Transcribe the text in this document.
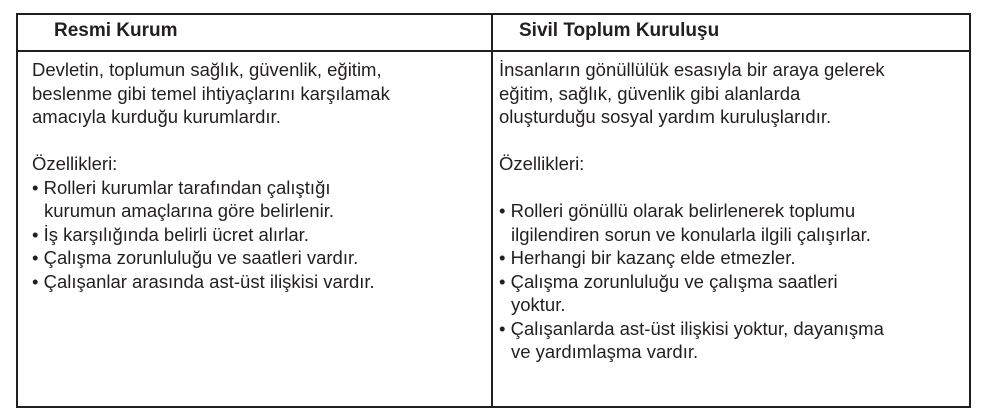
Resmi Kurum	Sivil Toplum Kuruluşu
Devletin, toplumun sağlık, güvenlik, eğitim,
beslenme gibi temel ihtiyaçlarını karşılamak
amacıyla kurduğu kurumlardır.
Özellikleri:
• Rolleri kurumlar tarafından çalıştığı
kurumun amaçlarına göre belirlenir.
• İş karşılığında belirli ücret alırlar.
• Çalışma zorunluluğu ve saatleri vardır.
• Çalışanlar arasında ast-üst ilişkisi vardır.
İnsanların gönüllülük esasıyla bir araya gelerek
eğitim, sağlık, güvenlik gibi alanlarda
oluşturduğu sosyal yardım kuruluşlarıdır.
Özellikleri:
• Rolleri gönüllü olarak belirlenerek toplumu
ilgilendiren sorun ve konularla ilgili çalışırlar.
• Herhangi bir kazanç elde etmezler.
• Çalışma zorunluluğu ve çalışma saatleri
yoktur.
• Çalışanlarda ast-üst ilişkisi yoktur, dayanışma
ve yardımlaşma vardır.
